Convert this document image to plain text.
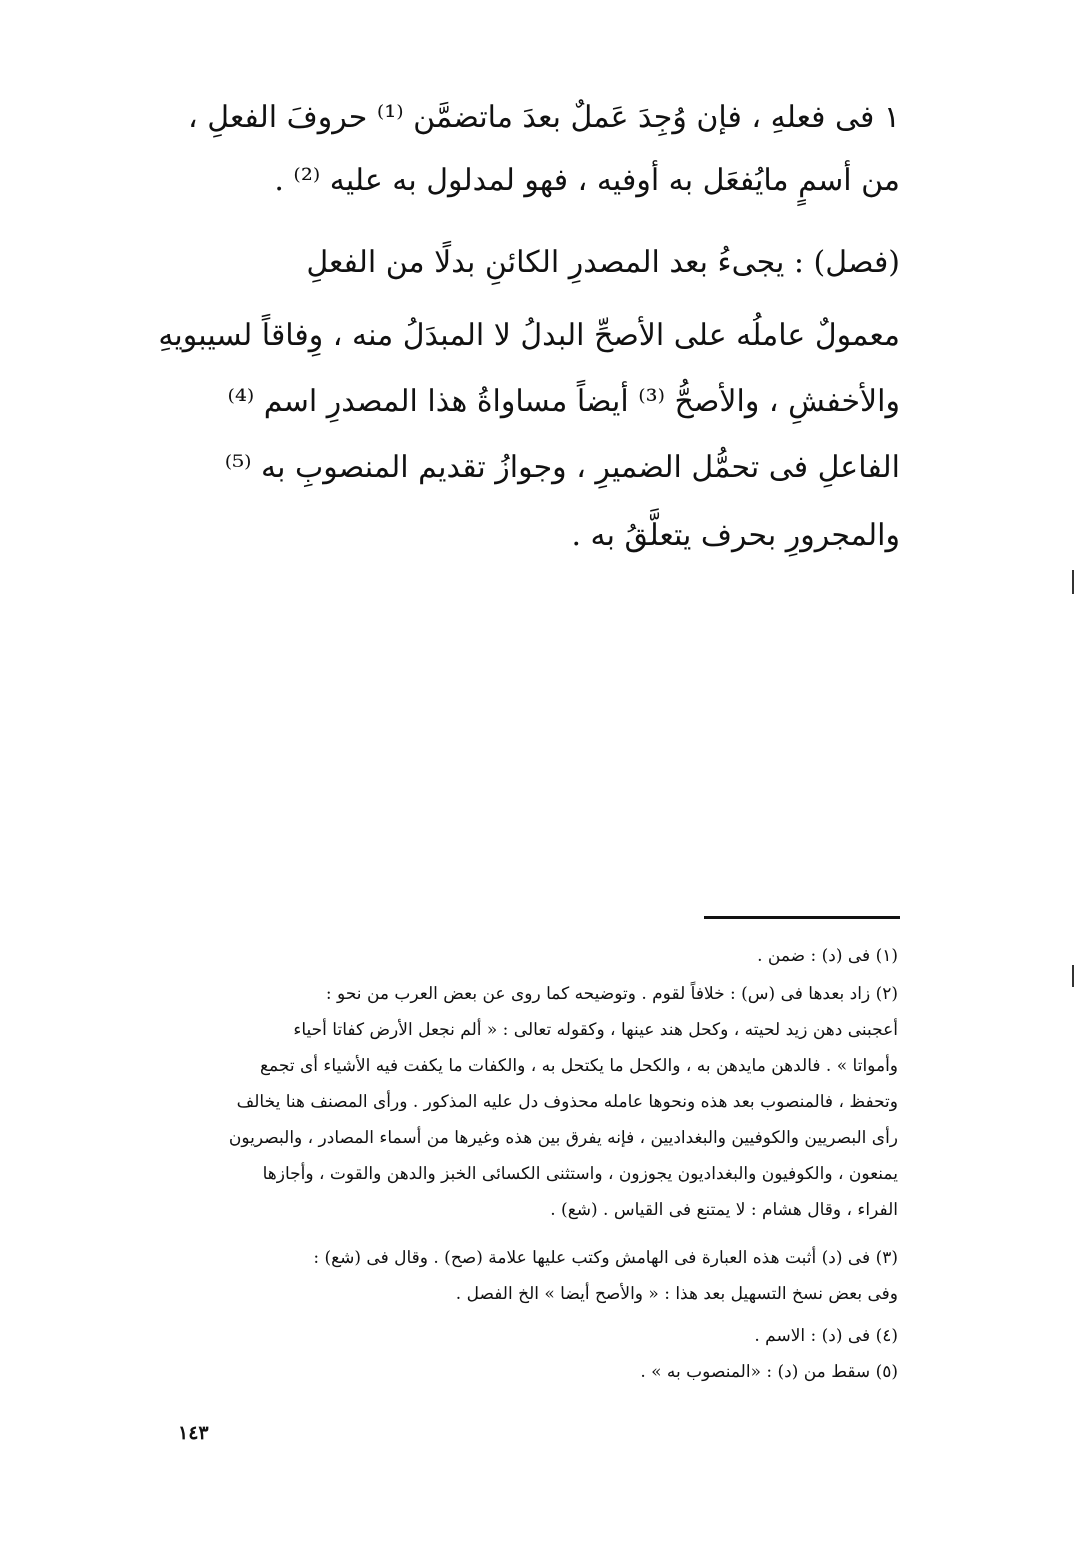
‏١ فى فعلهِ ، فإن وُجِدَ عَملٌ بعدَ ماتضمَّن ⁽¹⁾ حروفَ الفعلِ ،
من أسمٍ مايُفعَل به أوفيه ، فهو لمدلول به عليه ⁽²⁾ .
(فصل) : يجىءُ بعد المصدرِ الكائنِ بدلًا من الفعلِ
معمولٌ عاملُه على الأصحِّ البدلُ لا المبدَلُ منه ، وِفاقاً لسيبويهِ
والأخفشِ ، والأصحُّ ⁽³⁾ أيضاً مساواةُ هذا المصدرِ اسم ⁽⁴⁾
الفاعلِ فى تحمُّل الضميرِ ، وجوازُ تقديم المنصوبِ به ⁽⁵⁾
والمجرورِ بحرف يتعلَّقُ به .
(١) فى (د) : ضمن .
(٢) زاد بعدها فى (س) : خلافاً لقوم . وتوضيحه كما روى عن بعض العرب من نحو :
أعجبنى دهن زيد لحيته ، وكحل هند عينها ، وكقوله تعالى : « ألم نجعل الأرض كفاتا أحياء
وأمواتا » . فالدهن مايدهن به ، والكحل ما يكتحل به ، والكفات ما يكفت فيه الأشياء أى تجمع
وتحفظ ، فالمنصوب بعد هذه ونحوها عامله محذوف دل عليه المذكور . ورأى المصنف هنا يخالف
رأى البصريين والكوفيين والبغداديين ، فإنه يفرق بين هذه وغيرها من أسماء المصادر ، والبصريون
يمنعون ، والكوفيون والبغداديون يجوزون ، واستثنى الكسائى الخبز والدهن والقوت ، وأجازها
الفراء ، وقال هشام : لا يمتنع فى القياس . (شع) .
(٣) فى (د) أثبت هذه العبارة فى الهامش وكتب عليها علامة (صح) . وقال فى (شع) :
وفى بعض نسخ التسهيل بعد هذا : « والأصح أيضا » الخ الفصل .
(٤) فى (د) : الاسم .
(٥) سقط من (د) : «المنصوب به » .
١٤٣
